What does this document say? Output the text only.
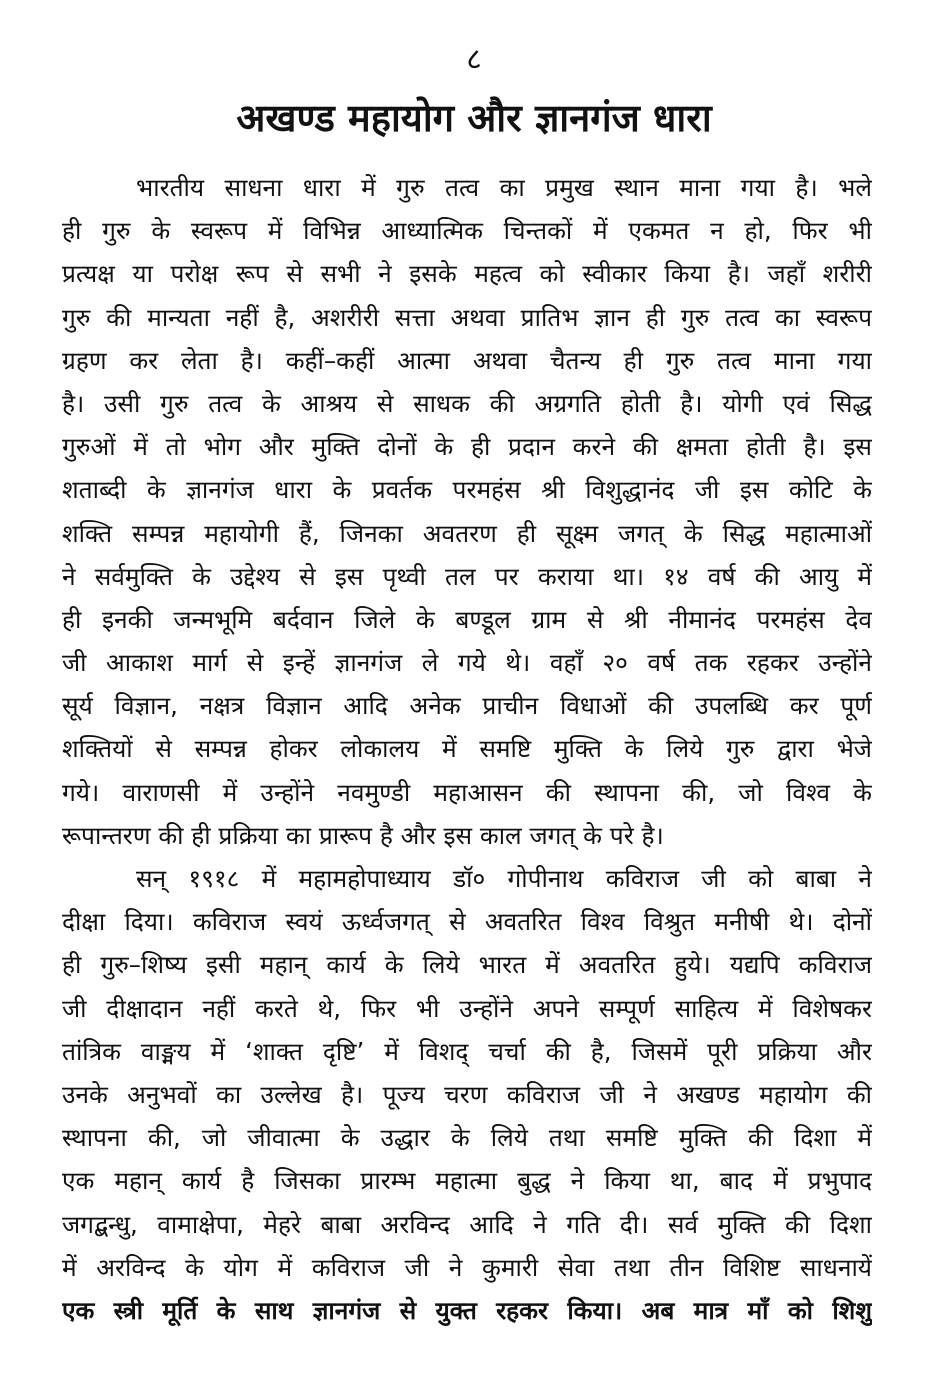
८
अखण्ड महायोग और ज्ञानगंज धारा
भारतीय साधना धारा में गुरु तत्व का प्रमुख स्थान माना गया है। भले
ही गुरु के स्वरूप में विभिन्न आध्यात्मिक चिन्तकों में एकमत न हो, फिर भी
प्रत्यक्ष या परोक्ष रूप से सभी ने इसके महत्व को स्वीकार किया है। जहाँ शरीरी
गुरु की मान्यता नहीं है, अशरीरी सत्ता अथवा प्रातिभ ज्ञान ही गुरु तत्व का स्वरूप
ग्रहण कर लेता है। कहीं–कहीं आत्मा अथवा चैतन्य ही गुरु तत्व माना गया
है। उसी गुरु तत्व के आश्रय से साधक की अग्रगति होती है। योगी एवं सिद्ध
गुरुओं में तो भोग और मुक्ति दोनों के ही प्रदान करने की क्षमता होती है। इस
शताब्दी के ज्ञानगंज धारा के प्रवर्तक परमहंस श्री विशुद्धानंद जी इस कोटि के
शक्ति सम्पन्न महायोगी हैं, जिनका अवतरण ही सूक्ष्म जगत् के सिद्ध महात्माओं
ने सर्वमुक्ति के उद्देश्य से इस पृथ्वी तल पर कराया था। १४ वर्ष की आयु में
ही इनकी जन्मभूमि बर्दवान जिले के बण्डूल ग्राम से श्री नीमानंद परमहंस देव
जी आकाश मार्ग से इन्हें ज्ञानगंज ले गये थे। वहाँ २० वर्ष तक रहकर उन्होंने
सूर्य विज्ञान, नक्षत्र विज्ञान आदि अनेक प्राचीन विधाओं की उपलब्धि कर पूर्ण
शक्तियों से सम्पन्न होकर लोकालय में समष्टि मुक्ति के लिये गुरु द्वारा भेजे
गये। वाराणसी में उन्होंने नवमुण्डी महाआसन की स्थापना की, जो विश्व के
रूपान्तरण की ही प्रक्रिया का प्रारूप है और इस काल जगत् के परे है।
सन् १९१८ में महामहोपाध्याय डॉ० गोपीनाथ कविराज जी को बाबा ने
दीक्षा दिया। कविराज स्वयं ऊर्ध्वजगत् से अवतरित विश्व विश्रुत मनीषी थे। दोनों
ही गुरु–शिष्य इसी महान् कार्य के लिये भारत में अवतरित हुये। यद्यपि कविराज
जी दीक्षादान नहीं करते थे, फिर भी उन्होंने अपने सम्पूर्ण साहित्य में विशेषकर
तांत्रिक वाङ्मय में ‘शाक्त दृष्टि’ में विशद् चर्चा की है, जिसमें पूरी प्रक्रिया और
उनके अनुभवों का उल्लेख है। पूज्य चरण कविराज जी ने अखण्ड महायोग की
स्थापना की, जो जीवात्मा के उद्धार के लिये तथा समष्टि मुक्ति की दिशा में
एक महान् कार्य है जिसका प्रारम्भ महात्मा बुद्ध ने किया था, बाद में प्रभुपाद
जगद्बन्धु, वामाक्षेपा, मेहरे बाबा अरविन्द आदि ने गति दी। सर्व मुक्ति की दिशा
में अरविन्द के योग में कविराज जी ने कुमारी सेवा तथा तीन विशिष्ट साधनायें
एक स्त्री मूर्ति के साथ ज्ञानगंज से युक्त रहकर किया। अब मात्र माँ को शिशु
